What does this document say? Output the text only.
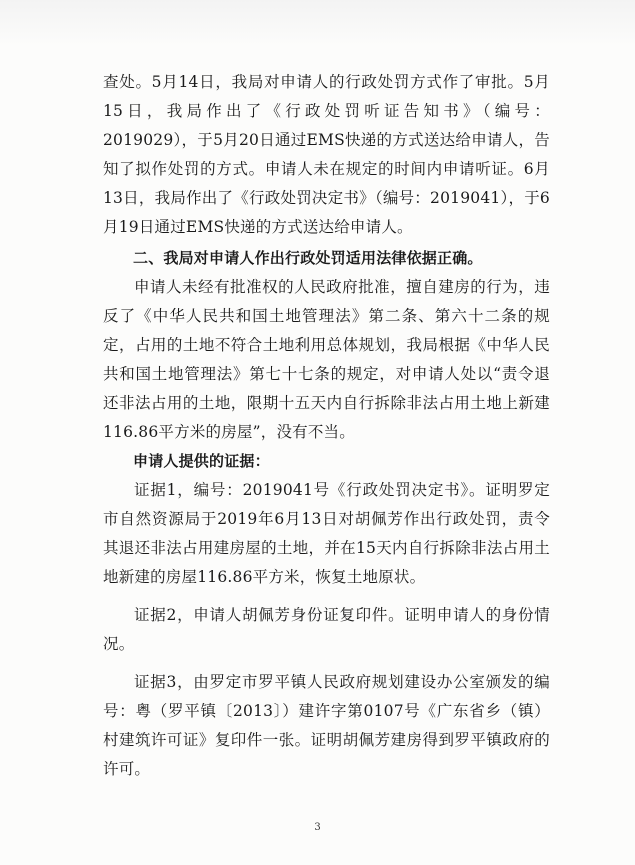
查处。5月14日，我局对申请人的行政处罚方式作了审批。5月15日，我局作出了《行政处罚听证告知书》（编号：2019029），于5月20日通过EMS快递的方式送达给申请人，告知了拟作处罚的方式。申请人未在规定的时间内申请听证。6月13日，我局作出了《行政处罚决定书》（编号：2019041），于6月19日通过EMS快递的方式送达给申请人。

二、我局对申请人作出行政处罚适用法律依据正确。

申请人未经有批准权的人民政府批准，擅自建房的行为，违反了《中华人民共和国土地管理法》第二条、第六十二条的规定，占用的土地不符合土地利用总体规划，我局根据《中华人民共和国土地管理法》第七十七条的规定，对申请人处以“责令退还非法占用的土地，限期十五天内自行拆除非法占用土地上新建116.86平方米的房屋”，没有不当。

申请人提供的证据：

证据1，编号：2019041号《行政处罚决定书》。证明罗定市自然资源局于2019年6月13日对胡佩芳作出行政处罚，责令其退还非法占用建房屋的土地，并在15天内自行拆除非法占用土地新建的房屋116.86平方米，恢复土地原状。

证据2，申请人胡佩芳身份证复印件。证明申请人的身份情况。

证据3，由罗定市罗平镇人民政府规划建设办公室颁发的编号：粤（罗平镇〔2013〕）建许字第0107号《广东省乡（镇）村建筑许可证》复印件一张。证明胡佩芳建房得到罗平镇政府的许可。

3
